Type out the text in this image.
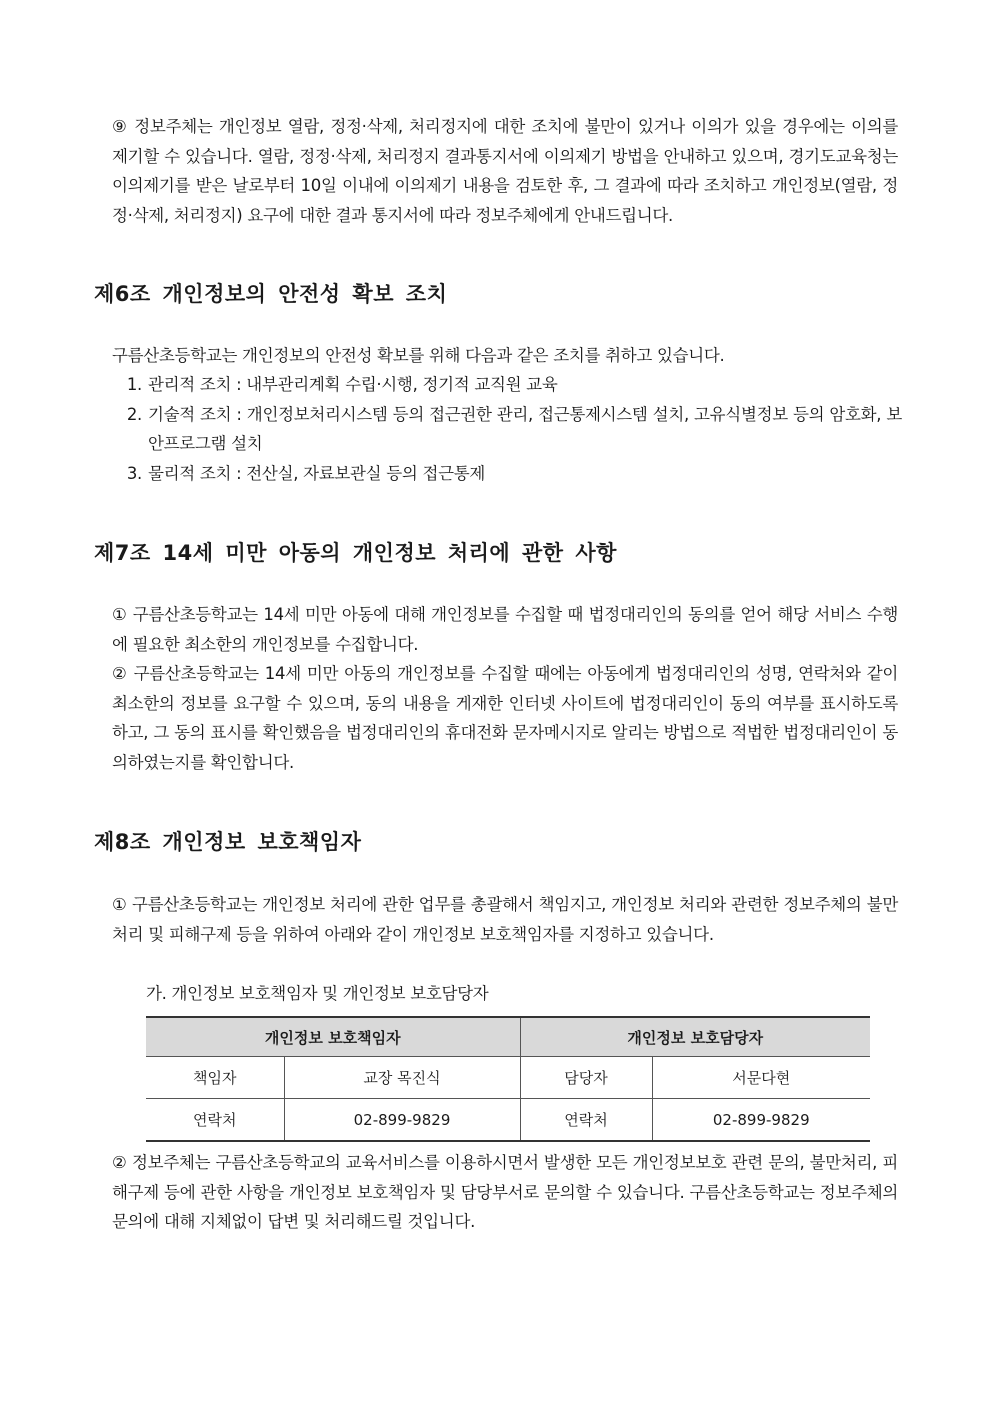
⑨ 정보주체는 개인정보 열람, 정정·삭제, 처리정지에 대한 조치에 불만이 있거나 이의가 있을 경우에는 이의를 제기할 수 있습니다. 열람, 정정·삭제, 처리정지 결과통지서에 이의제기 방법을 안내하고 있으며, 경기도교육청는 이의제기를 받은 날로부터 10일 이내에 이의제기 내용을 검토한 후, 그 결과에 따라 조치하고 개인정보(열람, 정정·삭제, 처리정지) 요구에 대한 결과 통지서에 따라 정보주체에게 안내드립니다.
제6조 개인정보의 안전성 확보 조치
구름산초등학교는 개인정보의 안전성 확보를 위해 다음과 같은 조치를 취하고 있습니다.
1. 관리적 조치 : 내부관리계획 수립·시행, 정기적 교직원 교육
2. 기술적 조치 : 개인정보처리시스템 등의 접근권한 관리, 접근통제시스템 설치, 고유식별정보 등의 암호화, 보안프로그램 설치
3. 물리적 조치 : 전산실, 자료보관실 등의 접근통제
제7조 14세 미만 아동의 개인정보 처리에 관한 사항
① 구름산초등학교는 14세 미만 아동에 대해 개인정보를 수집할 때 법정대리인의 동의를 얻어 해당 서비스 수행에 필요한 최소한의 개인정보를 수집합니다.
② 구름산초등학교는 14세 미만 아동의 개인정보를 수집할 때에는 아동에게 법정대리인의 성명, 연락처와 같이 최소한의 정보를 요구할 수 있으며, 동의 내용을 게재한 인터넷 사이트에 법정대리인이 동의 여부를 표시하도록 하고, 그 동의 표시를 확인했음을 법정대리인의 휴대전화 문자메시지로 알리는 방법으로 적법한 법정대리인이 동의하였는지를 확인합니다.
제8조 개인정보 보호책임자
① 구름산초등학교는 개인정보 처리에 관한 업무를 총괄해서 책임지고, 개인정보 처리와 관련한 정보주체의 불만처리 및 피해구제 등을 위하여 아래와 같이 개인정보 보호책임자를 지정하고 있습니다.
가. 개인정보 보호책임자 및 개인정보 보호담당자
개인정보 보호책임자		개인정보 보호담당자	
책임자	교장 목진식	담당자	서문다현
연락처	02-899-9829	연락처	02-899-9829
② 정보주체는 구름산초등학교의 교육서비스를 이용하시면서 발생한 모든 개인정보보호 관련 문의, 불만처리, 피해구제 등에 관한 사항을 개인정보 보호책임자 및 담당부서로 문의할 수 있습니다. 구름산초등학교는 정보주체의 문의에 대해 지체없이 답변 및 처리해드릴 것입니다.
